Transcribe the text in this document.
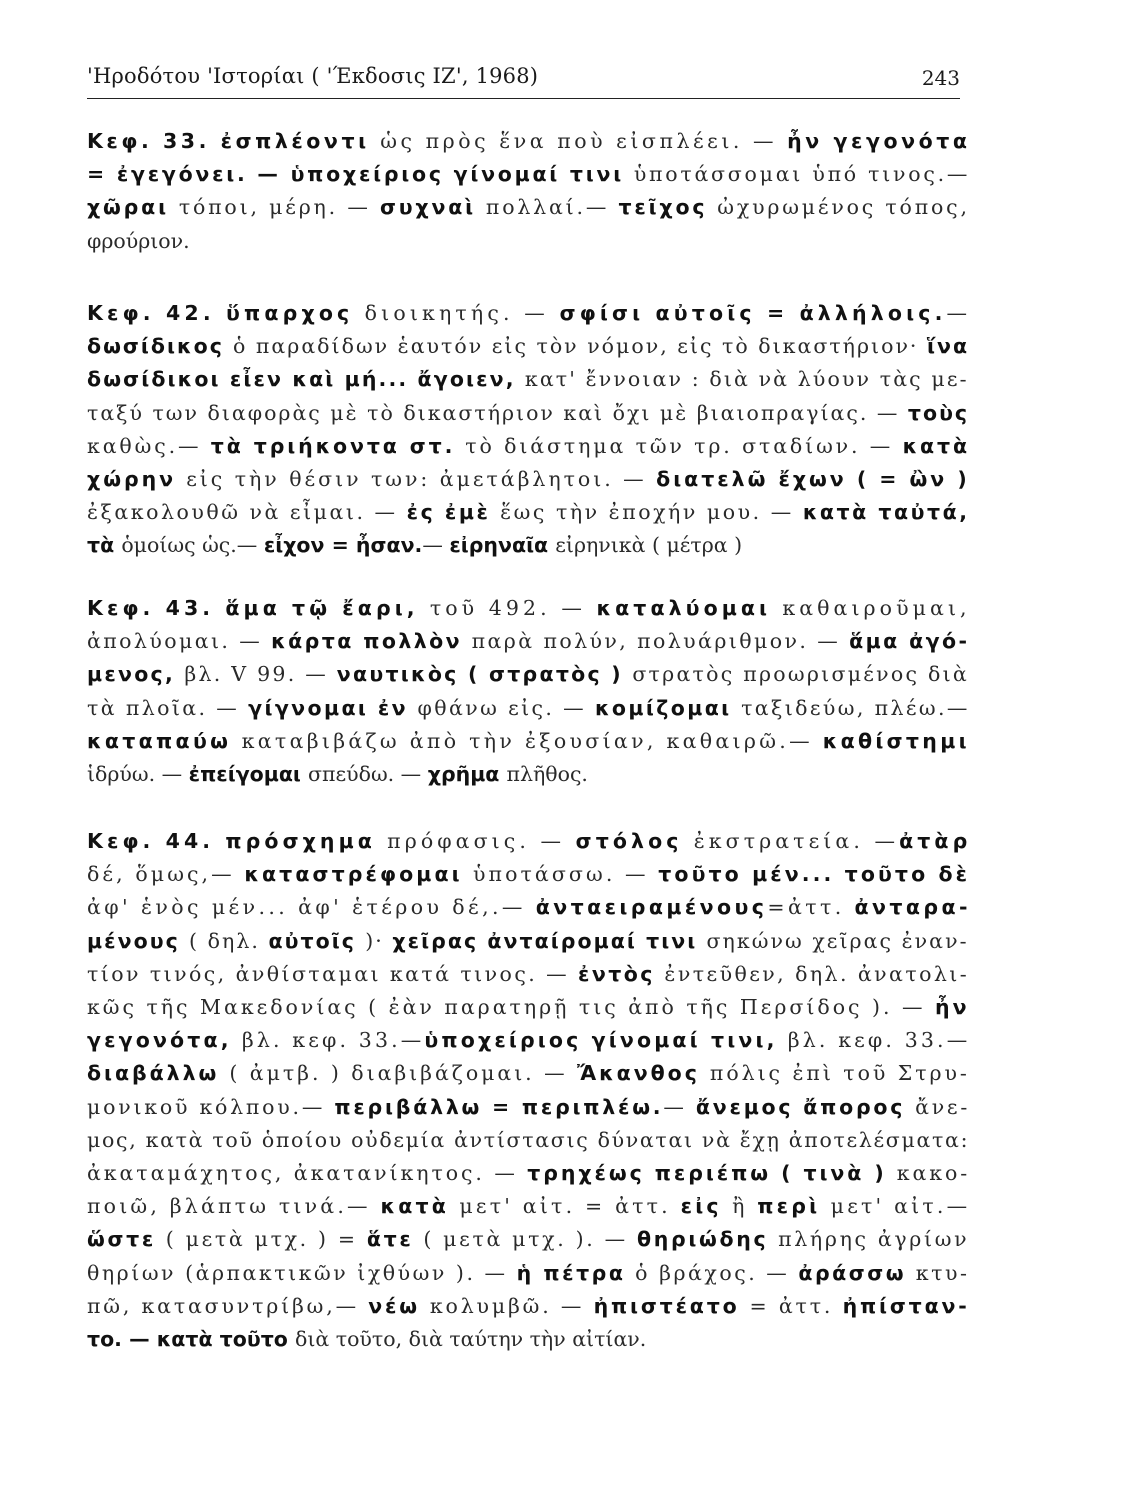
'Ηροδότου 'Ιστορίαι ( 'Έκδοσις ΙΖ', 1968)	243
Κεφ. 33. ἐσπλέοντι ὡς πρὸς ἕνα ποὺ εἰσπλέει. — ἦν γεγονότα
= ἐγεγόνει. — ὑποχείριος γίνομαί τινι ὑποτάσσομαι ὑπό τινος.—
χῶραι τόποι, μέρη. — συχναὶ πολλαί.— τεῖχος ὠχυρωμένος τόπος,
φρούριον.
Κεφ. 42. ὕπαρχος διοικητής. — σφίσι αὐτοῖς = ἀλλήλοις.—
δωσίδικος ὁ παραδίδων ἑαυτόν εἰς τὸν νόμον, εἰς τὸ δικαστήριον· ἵνα
δωσίδικοι εἶεν καὶ μή... ἄγοιεν, κατ' ἔννοιαν : διὰ νὰ λύουν τὰς με-
ταξύ των διαφορὰς μὲ τὸ δικαστήριον καὶ ὄχι μὲ βιαιοπραγίας. — τοὺς
καθὼς.— τὰ τριήκοντα στ. τὸ διάστημα τῶν τρ. σταδίων. — κατὰ
χώρην εἰς τὴν θέσιν των: ἀμετάβλητοι. — διατελῶ ἔχων ( = ὢν )
ἐξακολουθῶ νὰ εἶμαι. — ἐς ἐμὲ ἕως τὴν ἐποχήν μου. — κατὰ ταὐτά,
τὰ ὁμοίως ὡς.— εἶχον = ἦσαν.— εἰρηναῖα εἰρηνικὰ ( μέτρα )
Κεφ. 43. ἅμα τῷ ἔαρι, τοῦ 492. — καταλύομαι καθαιροῦμαι,
ἀπολύομαι. — κάρτα πολλὸν παρὰ πολύν, πολυάριθμον. — ἅμα ἀγό-
μενος, βλ. V 99. — ναυτικὸς ( στρατὸς ) στρατὸς προωρισμένος διὰ
τὰ πλοῖα. — γίγνομαι ἐν φθάνω εἰς. — κομίζομαι ταξιδεύω, πλέω.—
καταπαύω καταβιβάζω ἀπὸ τὴν ἐξουσίαν, καθαιρῶ.— καθίστημι
ἱδρύω. — ἐπείγομαι σπεύδω. — χρῆμα πλῆθος.
Κεφ. 44. πρόσχημα πρόφασις. — στόλος ἐκστρατεία. —ἀτὰρ
δέ, ὅμως,— καταστρέφομαι ὑποτάσσω. — τοῦτο μέν... τοῦτο δὲ
ἀφ' ἑνὸς μέν... ἀφ' ἑτέρου δέ,.— ἀνταειραμένους=ἀττ. ἀνταρα-
μένους ( δηλ. αὐτοῖς )· χεῖρας ἀνταίρομαί τινι σηκώνω χεῖρας ἐναν-
τίον τινός, ἀνθίσταμαι κατά τινος. — ἐντὸς ἐντεῦθεν, δηλ. ἀνατολι-
κῶς τῆς Μακεδονίας ( ἐὰν παρατηρῇ τις ἀπὸ τῆς Περσίδος ). — ἦν
γεγονότα, βλ. κεφ. 33.—ὑποχείριος γίνομαί τινι, βλ. κεφ. 33.—
διαβάλλω ( ἀμτβ. ) διαβιβάζομαι. — Ἄκανθος πόλις ἐπὶ τοῦ Στρυ-
μονικοῦ κόλπου.— περιβάλλω = περιπλέω.— ἄνεμος ἄπορος ἄνε-
μος, κατὰ τοῦ ὁποίου οὐδεμία ἀντίστασις δύναται νὰ ἔχῃ ἀποτελέσματα:
ἀκαταμάχητος, ἀκατανίκητος. — τρηχέως περιέπω ( τινὰ ) κακο-
ποιῶ, βλάπτω τινά.— κατὰ μετ' αἰτ. = ἀττ. εἰς ἢ περὶ μετ' αἰτ.—
ὥστε ( μετὰ μτχ. ) = ἅτε ( μετὰ μτχ. ). — θηριώδης πλήρης ἀγρίων
θηρίων (ἁρπακτικῶν ἰχθύων ). — ἡ πέτρα ὁ βράχος. — ἀράσσω κτυ-
πῶ, κατασυντρίβω,— νέω κολυμβῶ. — ἠπιστέατο = ἀττ. ἠπίσταν-
το. — κατὰ τοῦτο διὰ τοῦτο, διὰ ταύτην τὴν αἰτίαν.
